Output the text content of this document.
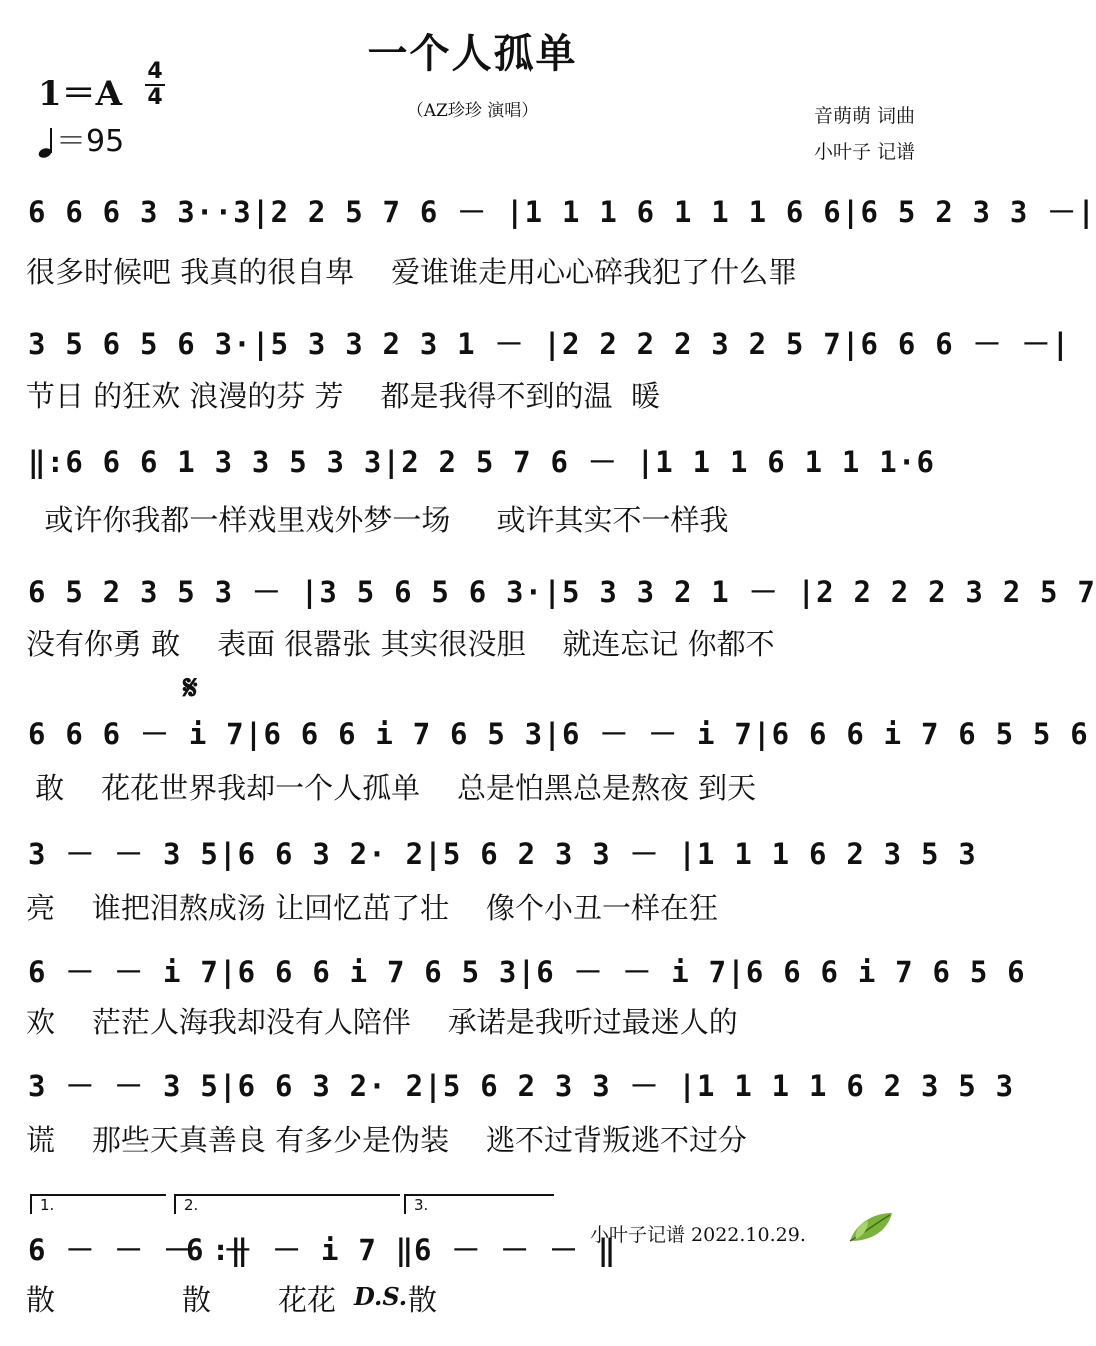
一个人孤单
（AZ珍珍 演唱）
1＝A
4
4
＝95
音萌萌 词曲
小叶子 记谱
6 6 6 3 3··3|2 2 5 7 6 － |1 1 1 6 1 1 1 6 6|6 5 2 3 3 －|
很多时候吧 我真的很自卑    爱谁谁走用心心碎我犯了什么罪
3 5 6 5 6 3·|5 3 3 2 3 1 － |2 2 2 2 3 2 5 7|6 6 6 － －|
节日 的狂欢 浪漫的芬 芳    都是我得不到的温  暖
‖:6 6 6 1 3 3 5 3 3|2 2 5 7 6 － |1 1 1 6 1 1 1·6
或许你我都一样戏里戏外梦一场     或许其实不一样我
6 5 2 3 5 3 － |3 5 6 5 6 3·|5 3 3 2 1 － |2 2 2 2 3 2 5 7
没有你勇 敢    表面 很嚣张 其实很没胆    就连忘记 你都不
𝄋
6 6 6 － i 7|6 6 6 i 7 6 5 3|6 － － i 7|6 6 6 i 7 6 5 5 6
敢    花花世界我却一个人孤单    总是怕黑总是熬夜 到天
3 － － 3 5|6 6 3 2· 2|5 6 2 3 3 － |1 1 1 6 2 3 5 3
亮    谁把泪熬成汤 让回忆茁了壮    像个小丑一样在狂
6 － － i 7|6 6 6 i 7 6 5 3|6 － － i 7|6 6 6 i 7 6 5 6
欢    茫茫人海我却没有人陪伴    承诺是我听过最迷人的
3 － － 3 5|6 6 3 2· 2|5 6 2 3 3 － |1 1 1 1 6 2 3 5 3
谎    那些天真善良 有多少是伪装    逃不过背叛逃不过分
1.	2.	3.
6 － － － :‖
6 － － i 7 ‖ 6 － － － ‖
散	散 花花 D.S. 散
小叶子记谱 2022.10.29.
